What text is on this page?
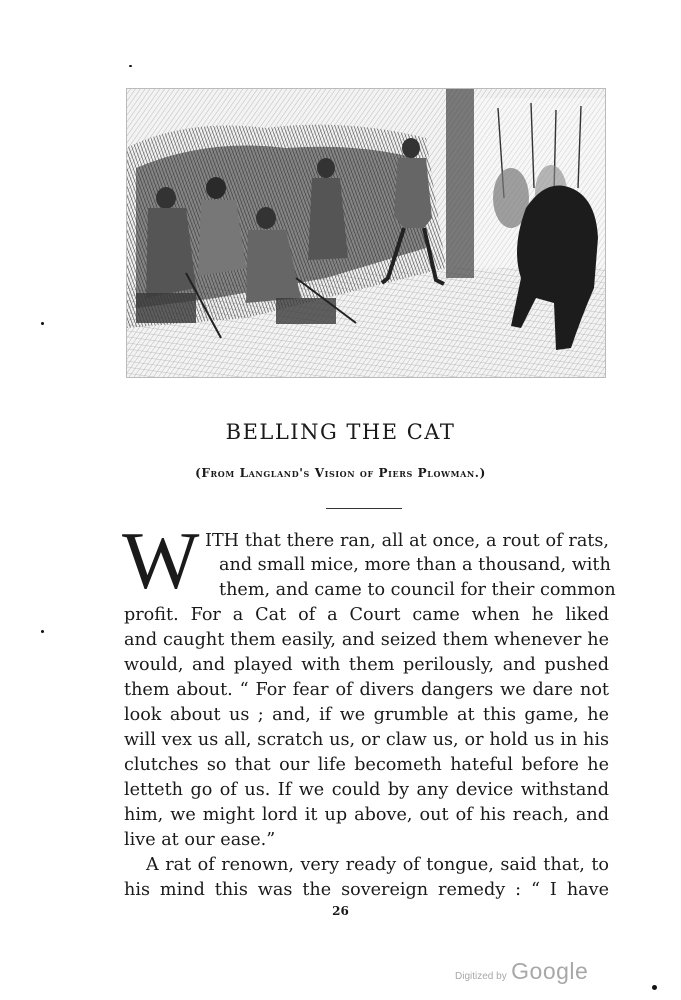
BELLING THE CAT
(From Langland's Vision of Piers Plowman.)
W ITH that there ran, all at once, a rout of rats,
and small mice, more than a thousand, with
them, and came to council for their common
profit. For a Cat of a Court came when he liked
and caught them easily, and seized them whenever he
would, and played with them perilously, and pushed
them about. “ For fear of divers dangers we dare not
look about us ; and, if we grumble at this game, he
will vex us all, scratch us, or claw us, or hold us in his
clutches so that our life becometh hateful before he
letteth go of us. If we could by any device withstand
him, we might lord it up above, out of his reach, and
live at our ease.”
A rat of renown, very ready of tongue, said that, to
his mind this was the sovereign remedy : “ I have
26
Digitized by Google
